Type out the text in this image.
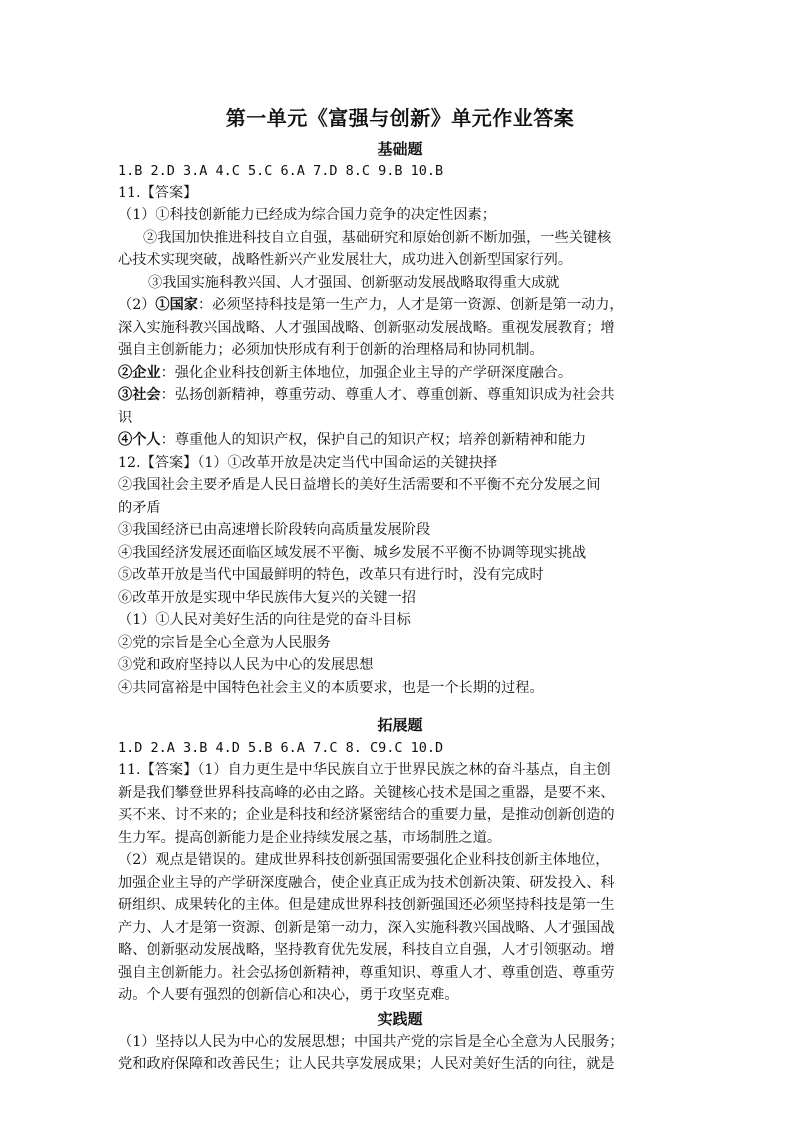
第一单元《富强与创新》单元作业答案
基础题
1.B 2.D 3.A 4.C 5.C 6.A 7.D 8.C 9.B 10.B
11.【答案】
（1）①科技创新能力已经成为综合国力竞争的决定性因素；
②我国加快推进科技自立自强，基础研究和原始创新不断加强，一些关键核
心技术实现突破，战略性新兴产业发展壮大，成功进入创新型国家行列。
③我国实施科教兴国、人才强国、创新驱动发展战略取得重大成就
（2）①国家：必须坚持科技是第一生产力，人才是第一资源、创新是第一动力，
深入实施科教兴国战略、人才强国战略、创新驱动发展战略。重视发展教育；增
强自主创新能力；必须加快形成有利于创新的治理格局和协同机制。
②企业：强化企业科技创新主体地位，加强企业主导的产学研深度融合。
③社会：弘扬创新精神，尊重劳动、尊重人才、尊重创新、尊重知识成为社会共
识
④个人：尊重他人的知识产权，保护自己的知识产权；培养创新精神和能力
12.【答案】（1）①改革开放是决定当代中国命运的关键抉择
②我国社会主要矛盾是人民日益增长的美好生活需要和不平衡不充分发展之间
的矛盾
③我国经济已由高速增长阶段转向高质量发展阶段
④我国经济发展还面临区域发展不平衡、城乡发展不平衡不协调等现实挑战
⑤改革开放是当代中国最鲜明的特色，改革只有进行时，没有完成时
⑥改革开放是实现中华民族伟大复兴的关键一招
（1）①人民对美好生活的向往是党的奋斗目标
②党的宗旨是全心全意为人民服务
③党和政府坚持以人民为中心的发展思想
④共同富裕是中国特色社会主义的本质要求，也是一个长期的过程。
拓展题
1.D 2.A 3.B 4.D 5.B 6.A 7.C 8. C9.C 10.D
11.【答案】（1）自力更生是中华民族自立于世界民族之林的奋斗基点，自主创
新是我们攀登世界科技高峰的必由之路。关键核心技术是国之重器，是要不来、
买不来、讨不来的；企业是科技和经济紧密结合的重要力量，是推动创新创造的
生力军。提高创新能力是企业持续发展之基，市场制胜之道。
（2）观点是错误的。建成世界科技创新强国需要强化企业科技创新主体地位，
加强企业主导的产学研深度融合，使企业真正成为技术创新决策、研发投入、科
研组织、成果转化的主体。但是建成世界科技创新强国还必须坚持科技是第一生
产力、人才是第一资源、创新是第一动力，深入实施科教兴国战略、人才强国战
略、创新驱动发展战略，坚持教育优先发展，科技自立自强，人才引领驱动。增
强自主创新能力。社会弘扬创新精神，尊重知识、尊重人才、尊重创造、尊重劳
动。个人要有强烈的创新信心和决心，勇于攻坚克难。
实践题
（1）坚持以人民为中心的发展思想；中国共产党的宗旨是全心全意为人民服务；
党和政府保障和改善民生；让人民共享发展成果；人民对美好生活的向往，就是
